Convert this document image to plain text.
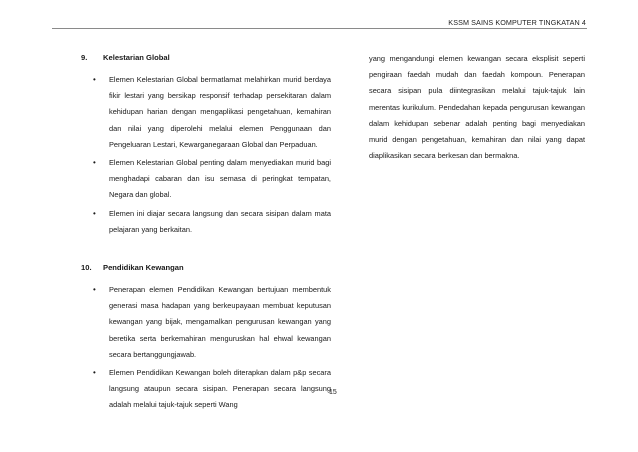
KSSM SAINS KOMPUTER TINGKATAN 4
9.	Kelestarian Global
• Elemen Kelestarian Global bermatlamat melahirkan murid berdaya fikir lestari yang bersikap responsif terhadap persekitaran dalam kehidupan harian dengan mengaplikasi pengetahuan, kemahiran dan nilai yang diperolehi melalui elemen Penggunaan dan Pengeluaran Lestari, Kewarganegaraan Global dan Perpaduan.
• Elemen Kelestarian Global penting dalam menyediakan murid bagi menghadapi cabaran dan isu semasa di peringkat tempatan, Negara dan global.
• Elemen ini diajar secara langsung dan secara sisipan dalam mata pelajaran yang berkaitan.
10.	Pendidikan Kewangan
• Penerapan elemen Pendidikan Kewangan bertujuan membentuk generasi masa hadapan yang berkeupayaan membuat keputusan kewangan yang bijak, mengamalkan pengurusan kewangan yang beretika serta berkemahiran menguruskan hal ehwal kewangan secara bertanggungjawab.
• Elemen Pendidikan Kewangan boleh diterapkan dalam p&p secara langsung ataupun secara sisipan. Penerapan secara langsung adalah melalui tajuk-tajuk seperti Wang

yang mengandungi elemen kewangan secara eksplisit seperti pengiraan faedah mudah dan faedah kompoun. Penerapan secara sisipan pula diintegrasikan melalui tajuk-tajuk lain merentas kurikulum. Pendedahan kepada pengurusan kewangan dalam kehidupan sebenar adalah penting bagi menyediakan murid dengan pengetahuan, kemahiran dan nilai yang dapat diaplikasikan secara berkesan dan bermakna.

15
